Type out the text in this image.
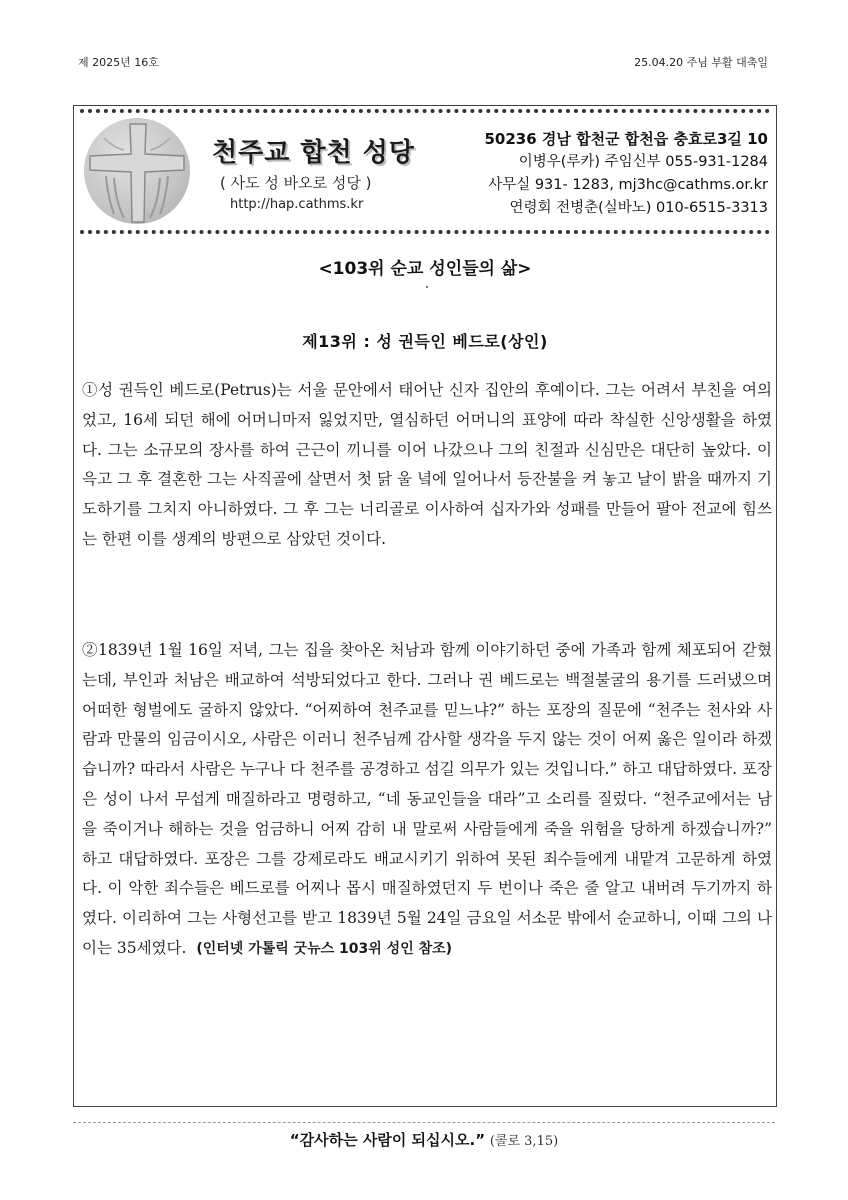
제 2025년 16호	25.04.20 주님 부활 대축일
천주교 합천 성당
( 사도 성 바오로 성당 )
http://hap.cathms.kr
50236 경남 합천군 합천읍 충효로3길 10
이병우(루카) 주임신부 055-931-1284
사무실 931- 1283, mj3hc@cathms.or.kr
연령회 전병춘(실바노) 010-6515-3313
<103위 순교 성인들의 삶>
제13위 : 성 권득인 베드로(상인)

①성 권득인 베드로(Petrus)는 서울 문안에서 태어난 신자 집안의 후예이다. 그는 어려서 부친을 여의었고, 16세 되던 해에 어머니마저 잃었지만, 열심하던 어머니의 표양에 따라 착실한 신앙생활을 하였다. 그는 소규모의 장사를 하여 근근이 끼니를 이어 나갔으나 그의 친절과 신심만은 대단히 높았다. 이윽고 그 후 결혼한 그는 사직골에 살면서 첫 닭 울 녘에 일어나서 등잔불을 켜 놓고 날이 밝을 때까지 기도하기를 그치지 아니하였다. 그 후 그는 너리골로 이사하여 십자가와 성패를 만들어 팔아 전교에 힘쓰는 한편 이를 생계의 방편으로 삼았던 것이다.

②1839년 1월 16일 저녁, 그는 집을 찾아온 처남과 함께 이야기하던 중에 가족과 함께 체포되어 갇혔는데, 부인과 처남은 배교하여 석방되었다고 한다. 그러나 권 베드로는 백절불굴의 용기를 드러냈으며 어떠한 형벌에도 굴하지 않았다. “어찌하여 천주교를 믿느냐?” 하는 포장의 질문에 “천주는 천사와 사람과 만물의 임금이시오, 사람은 이러니 천주님께 감사할 생각을 두지 않는 것이 어찌 옳은 일이라 하겠습니까? 따라서 사람은 누구나 다 천주를 공경하고 섬길 의무가 있는 것입니다.” 하고 대답하였다. 포장은 성이 나서 무섭게 매질하라고 명령하고, “네 동교인들을 대라”고 소리를 질렀다. “천주교에서는 남을 죽이거나 해하는 것을 엄금하니 어찌 감히 내 말로써 사람들에게 죽을 위험을 당하게 하겠습니까?” 하고 대답하였다. 포장은 그를 강제로라도 배교시키기 위하여 못된 죄수들에게 내맡겨 고문하게 하였다. 이 악한 죄수들은 베드로를 어찌나 몹시 매질하였던지 두 번이나 죽은 줄 알고 내버려 두기까지 하였다. 이리하여 그는 사형선고를 받고 1839년 5월 24일 금요일 서소문 밖에서 순교하니, 이때 그의 나이는 35세였다. (인터넷 가톨릭 굿뉴스 103위 성인 참조)

“감사하는 사람이 되십시오.” (콜로 3,15)
